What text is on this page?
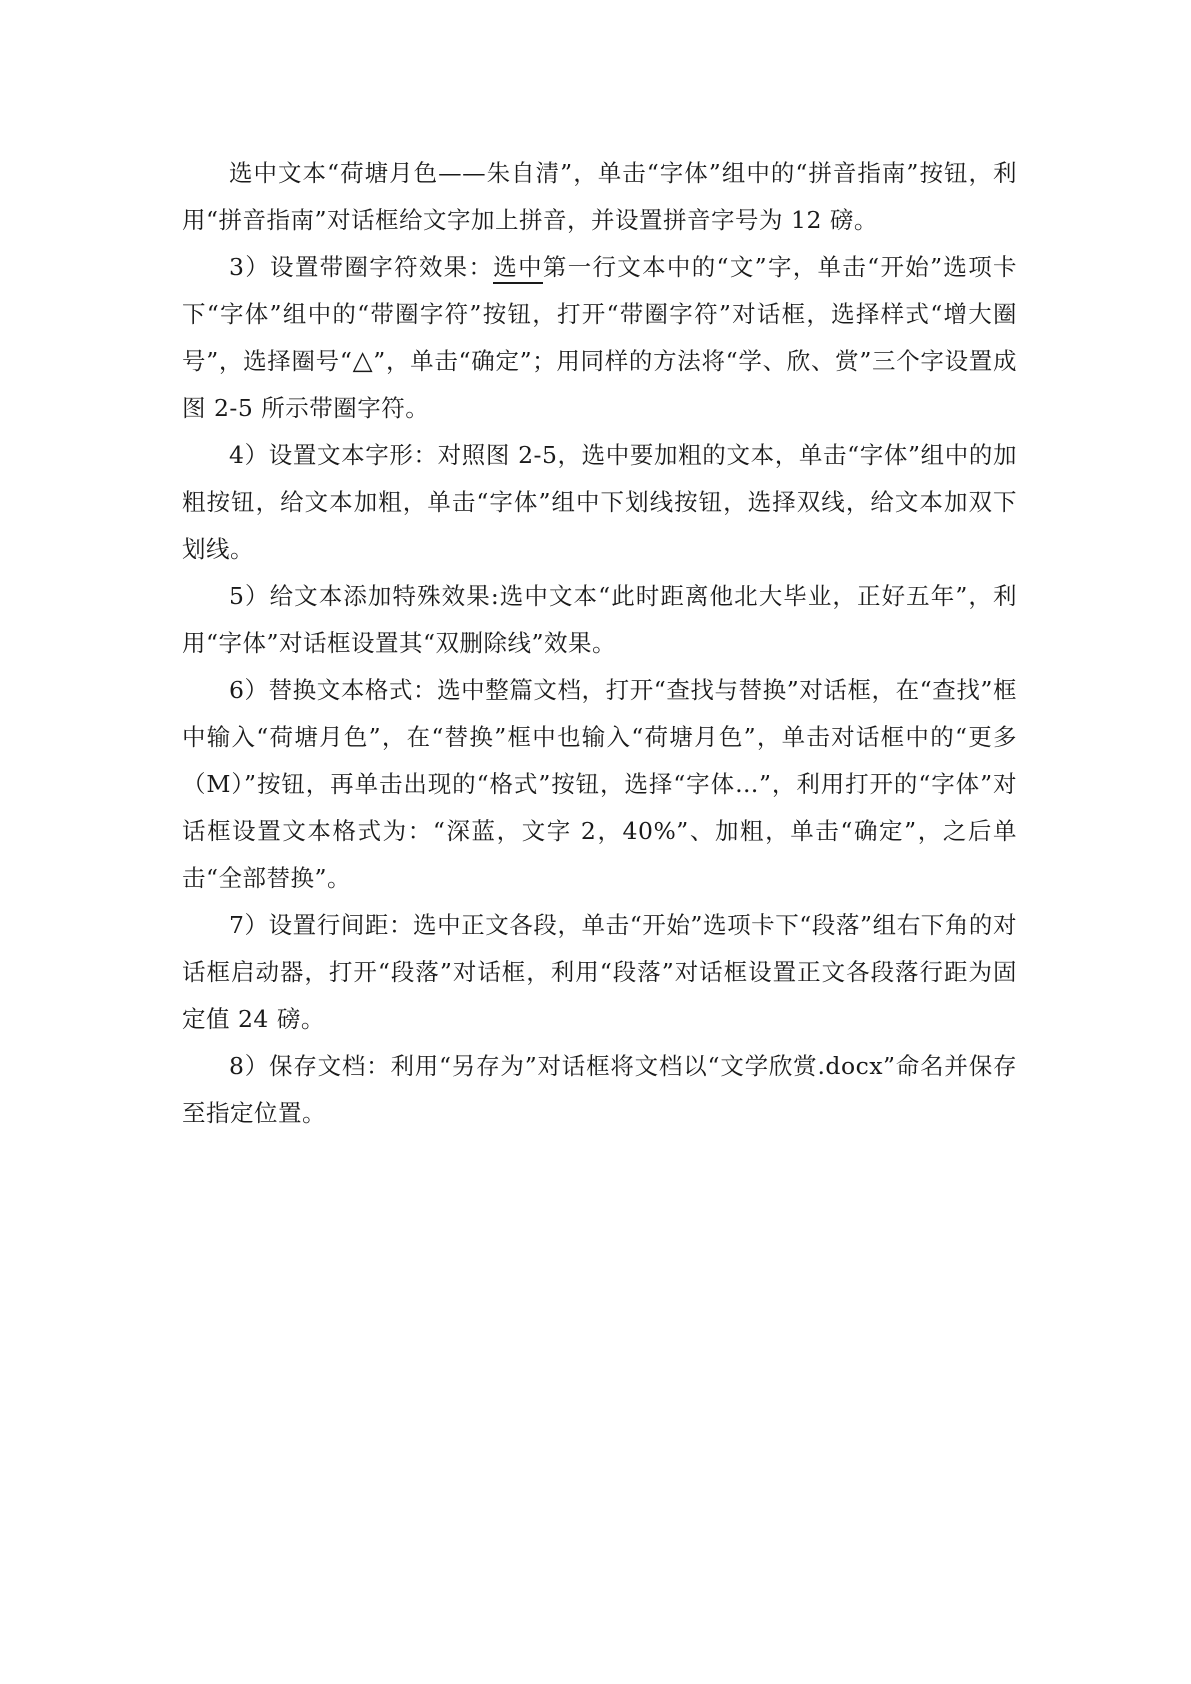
选中文本“荷塘月色——朱自清”，单击“字体”组中的“拼音指南”按钮，利用“拼音指南”对话框给文字加上拼音，并设置拼音字号为 12 磅。

3）设置带圈字符效果：选中第一行文本中的“文”字，单击“开始”选项卡下“字体”组中的“带圈字符”按钮，打开“带圈字符”对话框，选择样式“增大圈号”，选择圈号“△”，单击“确定”；用同样的方法将“学、欣、赏”三个字设置成图 2-5 所示带圈字符。

4）设置文本字形：对照图 2-5，选中要加粗的文本，单击“字体”组中的加粗按钮，给文本加粗，单击“字体”组中下划线按钮，选择双线，给文本加双下划线。

5）给文本添加特殊效果:选中文本“此时距离他北大毕业，正好五年”，利用“字体”对话框设置其“双删除线”效果。

6）替换文本格式：选中整篇文档，打开“查找与替换”对话框，在“查找”框中输入“荷塘月色”，在“替换”框中也输入“荷塘月色”，单击对话框中的“更多（M）”按钮，再单击出现的“格式”按钮，选择“字体…”，利用打开的“字体”对话框设置文本格式为：“深蓝，文字 2，40%”、加粗，单击“确定”，之后单击“全部替换”。

7）设置行间距：选中正文各段，单击“开始”选项卡下“段落”组右下角的对话框启动器，打开“段落”对话框，利用“段落”对话框设置正文各段落行距为固定值 24 磅。

8）保存文档：利用“另存为”对话框将文档以“文学欣赏.docx”命名并保存至指定位置。
